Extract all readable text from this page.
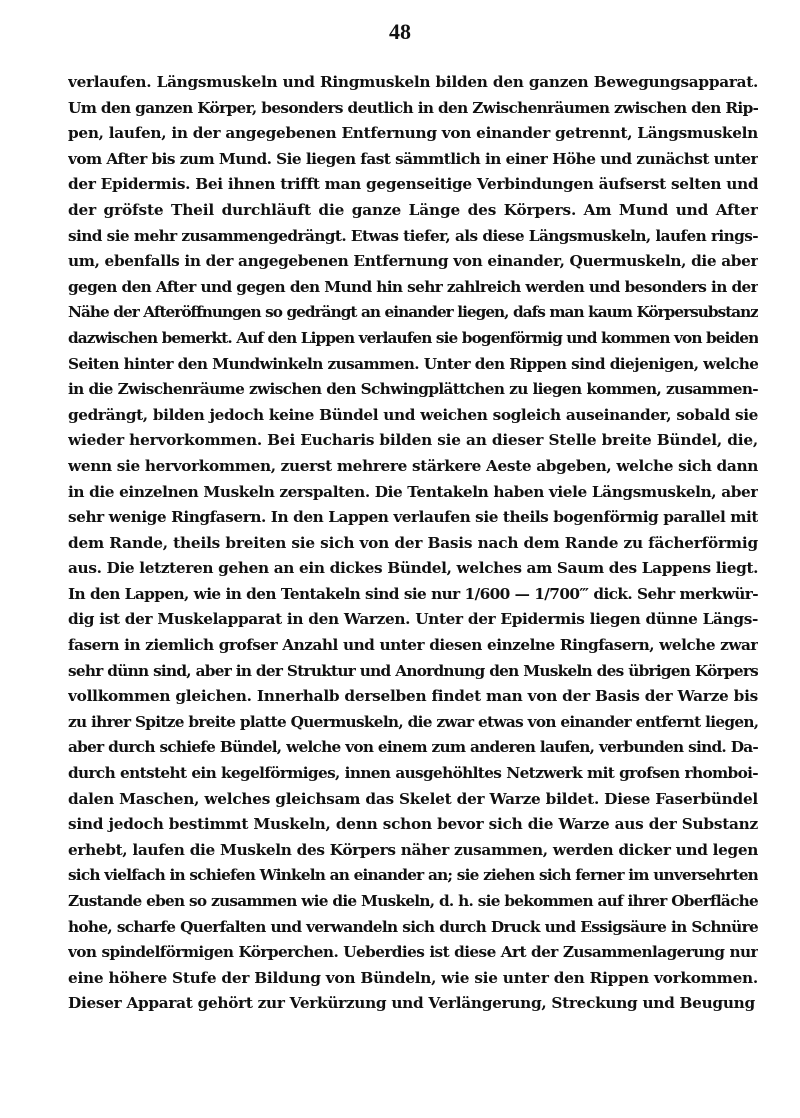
48
verlaufen. Längsmuskeln und Ringmuskeln bilden den ganzen Bewegungsapparat.
Um den ganzen Körper, besonders deutlich in den Zwischenräumen zwischen den Rip-
pen, laufen, in der angegebenen Entfernung von einander getrennt, Längsmuskeln
vom After bis zum Mund. Sie liegen fast sämmtlich in einer Höhe und zunächst unter
der Epidermis. Bei ihnen trifft man gegenseitige Verbindungen äufserst selten und
der gröfste Theil durchläuft die ganze Länge des Körpers. Am Mund und After
sind sie mehr zusammengedrängt. Etwas tiefer, als diese Längsmuskeln, laufen rings-
um, ebenfalls in der angegebenen Entfernung von einander, Quermuskeln, die aber
gegen den After und gegen den Mund hin sehr zahlreich werden und besonders in der
Nähe der Afteröffnungen so gedrängt an einander liegen, dafs man kaum Körpersubstanz
dazwischen bemerkt. Auf den Lippen verlaufen sie bogenförmig und kommen von beiden
Seiten hinter den Mundwinkeln zusammen. Unter den Rippen sind diejenigen, welche
in die Zwischenräume zwischen den Schwingplättchen zu liegen kommen, zusammen-
gedrängt, bilden jedoch keine Bündel und weichen sogleich auseinander, sobald sie
wieder hervorkommen. Bei Eucharis bilden sie an dieser Stelle breite Bündel, die,
wenn sie hervorkommen, zuerst mehrere stärkere Aeste abgeben, welche sich dann
in die einzelnen Muskeln zerspalten. Die Tentakeln haben viele Längsmuskeln, aber
sehr wenige Ringfasern. In den Lappen verlaufen sie theils bogenförmig parallel mit
dem Rande, theils breiten sie sich von der Basis nach dem Rande zu fächerförmig
aus. Die letzteren gehen an ein dickes Bündel, welches am Saum des Lappens liegt.
In den Lappen, wie in den Tentakeln sind sie nur 1/600 — 1/700‴ dick. Sehr merkwür-
dig ist der Muskelapparat in den Warzen. Unter der Epidermis liegen dünne Längs-
fasern in ziemlich grofser Anzahl und unter diesen einzelne Ringfasern, welche zwar
sehr dünn sind, aber in der Struktur und Anordnung den Muskeln des übrigen Körpers
vollkommen gleichen. Innerhalb derselben findet man von der Basis der Warze bis
zu ihrer Spitze breite platte Quermuskeln, die zwar etwas von einander entfernt liegen,
aber durch schiefe Bündel, welche von einem zum anderen laufen, verbunden sind. Da-
durch entsteht ein kegelförmiges, innen ausgehöhltes Netzwerk mit grofsen rhomboi-
dalen Maschen, welches gleichsam das Skelet der Warze bildet. Diese Faserbündel
sind jedoch bestimmt Muskeln, denn schon bevor sich die Warze aus der Substanz
erhebt, laufen die Muskeln des Körpers näher zusammen, werden dicker und legen
sich vielfach in schiefen Winkeln an einander an; sie ziehen sich ferner im unversehrten
Zustande eben so zusammen wie die Muskeln, d. h. sie bekommen auf ihrer Oberfläche
hohe, scharfe Querfalten und verwandeln sich durch Druck und Essigsäure in Schnüre
von spindelförmigen Körperchen. Ueberdies ist diese Art der Zusammenlagerung nur
eine höhere Stufe der Bildung von Bündeln, wie sie unter den Rippen vorkommen.
Dieser Apparat gehört zur Verkürzung und Verlängerung, Streckung und Beugung
